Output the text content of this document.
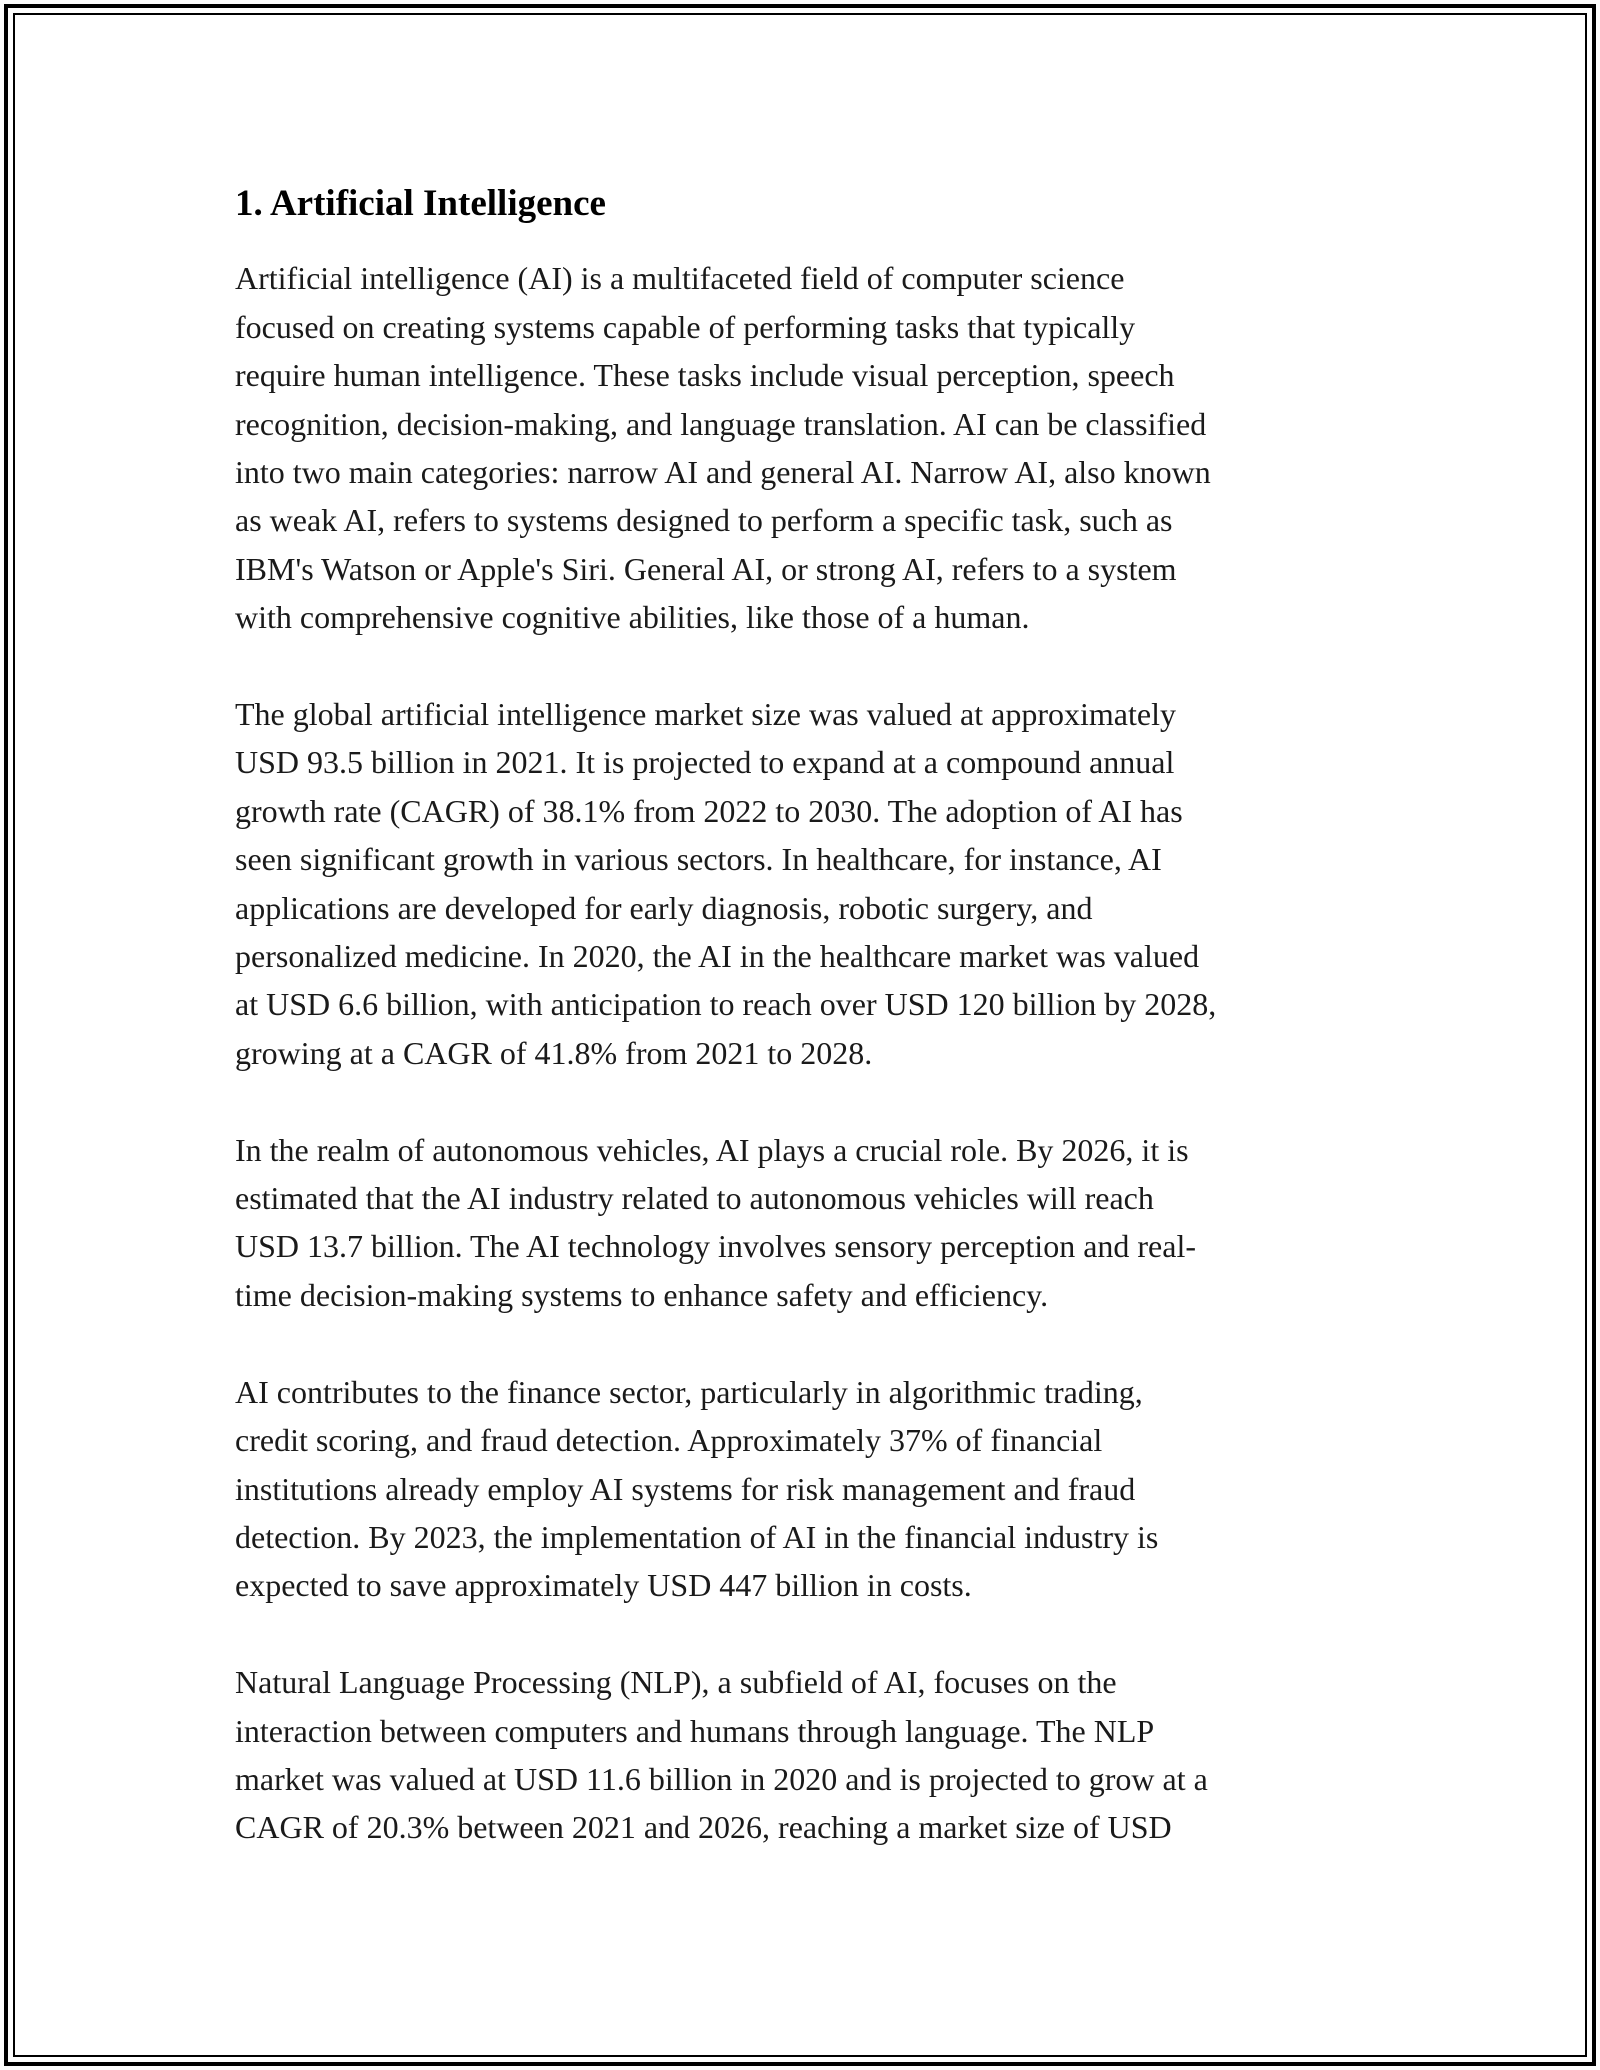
1. Artificial Intelligence

Artificial intelligence (AI) is a multifaceted field of computer science
focused on creating systems capable of performing tasks that typically
require human intelligence. These tasks include visual perception, speech
recognition, decision-making, and language translation. AI can be classified
into two main categories: narrow AI and general AI. Narrow AI, also known
as weak AI, refers to systems designed to perform a specific task, such as
IBM's Watson or Apple's Siri. General AI, or strong AI, refers to a system
with comprehensive cognitive abilities, like those of a human.

The global artificial intelligence market size was valued at approximately
USD 93.5 billion in 2021. It is projected to expand at a compound annual
growth rate (CAGR) of 38.1% from 2022 to 2030. The adoption of AI has
seen significant growth in various sectors. In healthcare, for instance, AI
applications are developed for early diagnosis, robotic surgery, and
personalized medicine. In 2020, the AI in the healthcare market was valued
at USD 6.6 billion, with anticipation to reach over USD 120 billion by 2028,
growing at a CAGR of 41.8% from 2021 to 2028.

In the realm of autonomous vehicles, AI plays a crucial role. By 2026, it is
estimated that the AI industry related to autonomous vehicles will reach
USD 13.7 billion. The AI technology involves sensory perception and real-
time decision-making systems to enhance safety and efficiency.

AI contributes to the finance sector, particularly in algorithmic trading,
credit scoring, and fraud detection. Approximately 37% of financial
institutions already employ AI systems for risk management and fraud
detection. By 2023, the implementation of AI in the financial industry is
expected to save approximately USD 447 billion in costs.

Natural Language Processing (NLP), a subfield of AI, focuses on the
interaction between computers and humans through language. The NLP
market was valued at USD 11.6 billion in 2020 and is projected to grow at a
CAGR of 20.3% between 2021 and 2026, reaching a market size of USD
